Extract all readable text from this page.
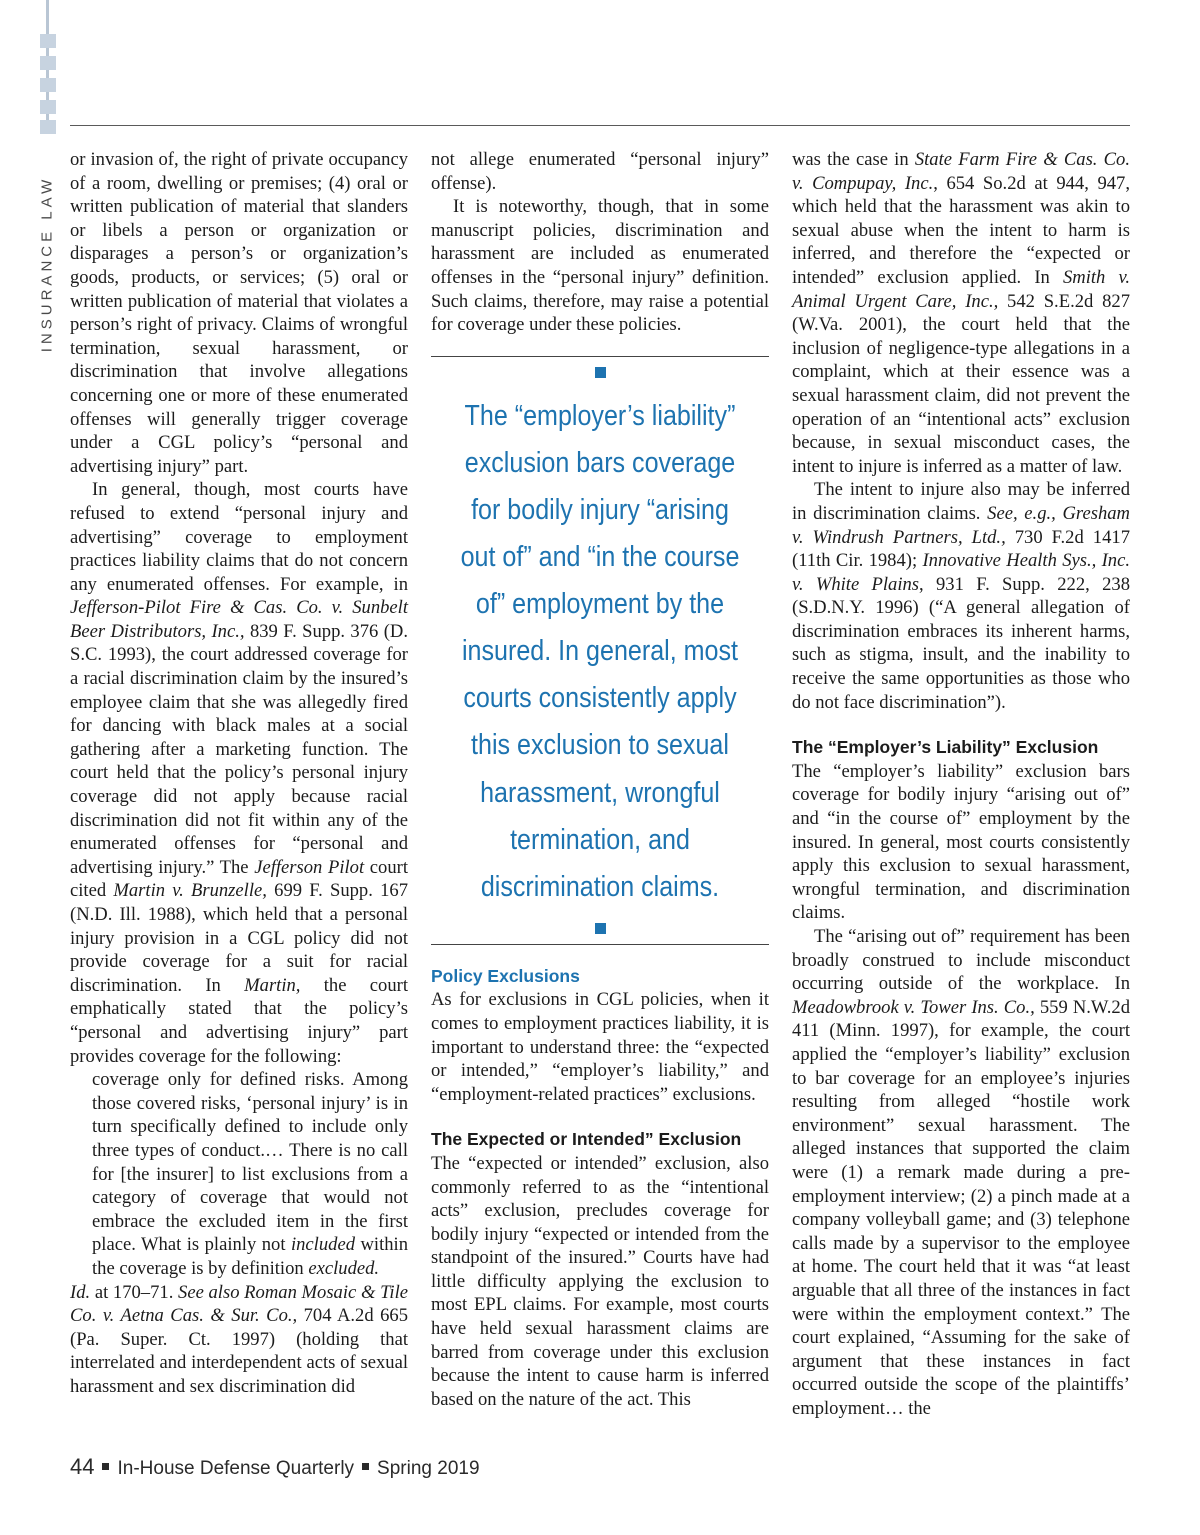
INSURANCE LAW

or invasion of, the right of private occupancy of a room, dwelling or premises; (4) oral or written publication of material that slanders or libels a person or organization or disparages a person’s or organization’s goods, products, or services; (5) oral or written publication of material that violates a person’s right of privacy. Claims of wrongful termination, sexual harassment, or discrimination that involve allegations concerning one or more of these enumerated offenses will generally trigger coverage under a CGL policy’s “personal and advertising injury” part.

In general, though, most courts have refused to extend “personal injury and advertising” coverage to employment practices liability claims that do not concern any enumerated offenses. For example, in Jefferson-Pilot Fire & Cas. Co. v. Sunbelt Beer Distributors, Inc., 839 F. Supp. 376 (D. S.C. 1993), the court addressed coverage for a racial discrimination claim by the insured’s employee claim that she was allegedly fired for dancing with black males at a social gathering after a marketing function. The court held that the policy’s personal injury coverage did not apply because racial discrimination did not fit within any of the enumerated offenses for “personal and advertising injury.” The Jefferson Pilot court cited Martin v. Brunzelle, 699 F. Supp. 167 (N.D. Ill. 1988), which held that a personal injury provision in a CGL policy did not provide coverage for a suit for racial discrimination. In Martin, the court emphatically stated that the policy’s “personal and advertising injury” part provides coverage for the following:

coverage only for defined risks. Among those covered risks, ‘personal injury’ is in turn specifically defined to include only three types of conduct.… There is no call for [the insurer] to list exclusions from a category of coverage that would not embrace the excluded item in the first place. What is plainly not included within the coverage is by definition excluded.

Id. at 170–71. See also Roman Mosaic & Tile Co. v. Aetna Cas. & Sur. Co., 704 A.2d 665 (Pa. Super. Ct. 1997) (holding that interrelated and interdependent acts of sexual harassment and sex discrimination did

not allege enumerated “personal injury” offense).

It is noteworthy, though, that in some manuscript policies, discrimination and harassment are included as enumerated offenses in the “personal injury” definition. Such claims, therefore, may raise a potential for coverage under these policies.

The “employer’s liability” exclusion bars coverage for bodily injury “arising out of” and “in the course of” employment by the insured. In general, most courts consistently apply this exclusion to sexual harassment, wrongful termination, and discrimination claims.

Policy Exclusions

As for exclusions in CGL policies, when it comes to employment practices liability, it is important to understand three: the “expected or intended,” “employer’s liability,” and “employment-related practices” exclusions.

The Expected or Intended” Exclusion

The “expected or intended” exclusion, also commonly referred to as the “intentional acts” exclusion, precludes coverage for bodily injury “expected or intended from the standpoint of the insured.” Courts have had little difficulty applying the exclusion to most EPL claims. For example, most courts have held sexual harassment claims are barred from coverage under this exclusion because the intent to cause harm is inferred based on the nature of the act. This

was the case in State Farm Fire & Cas. Co. v. Compupay, Inc., 654 So.2d at 944, 947, which held that the harassment was akin to sexual abuse when the intent to harm is inferred, and therefore the “expected or intended” exclusion applied. In Smith v. Animal Urgent Care, Inc., 542 S.E.2d 827 (W.Va. 2001), the court held that the inclusion of negligence-type allegations in a complaint, which at their essence was a sexual harassment claim, did not prevent the operation of an “intentional acts” exclusion because, in sexual misconduct cases, the intent to injure is inferred as a matter of law.

The intent to injure also may be inferred in discrimination claims. See, e.g., Gresham v. Windrush Partners, Ltd., 730 F.2d 1417 (11th Cir. 1984); Innovative Health Sys., Inc. v. White Plains, 931 F. Supp. 222, 238 (S.D.N.Y. 1996) (“A general allegation of discrimination embraces its inherent harms, such as stigma, insult, and the inability to receive the same opportunities as those who do not face discrimination”).

The “Employer’s Liability” Exclusion

The “employer’s liability” exclusion bars coverage for bodily injury “arising out of” and “in the course of” employment by the insured. In general, most courts consistently apply this exclusion to sexual harassment, wrongful termination, and discrimination claims.

The “arising out of” requirement has been broadly construed to include misconduct occurring outside of the workplace. In Meadowbrook v. Tower Ins. Co., 559 N.W.2d 411 (Minn. 1997), for example, the court applied the “employer’s liability” exclusion to bar coverage for an employee’s injuries resulting from alleged “hostile work environment” sexual harassment. The alleged instances that supported the claim were (1) a remark made during a pre-employment interview; (2) a pinch made at a company volleyball game; and (3) telephone calls made by a supervisor to the employee at home. The court held that it was “at least arguable that all three of the instances in fact were within the employment context.” The court explained, “Assuming for the sake of argument that these instances in fact occurred outside the scope of the plaintiffs’ employment… the

44 In-House Defense Quarterly Spring 2019
